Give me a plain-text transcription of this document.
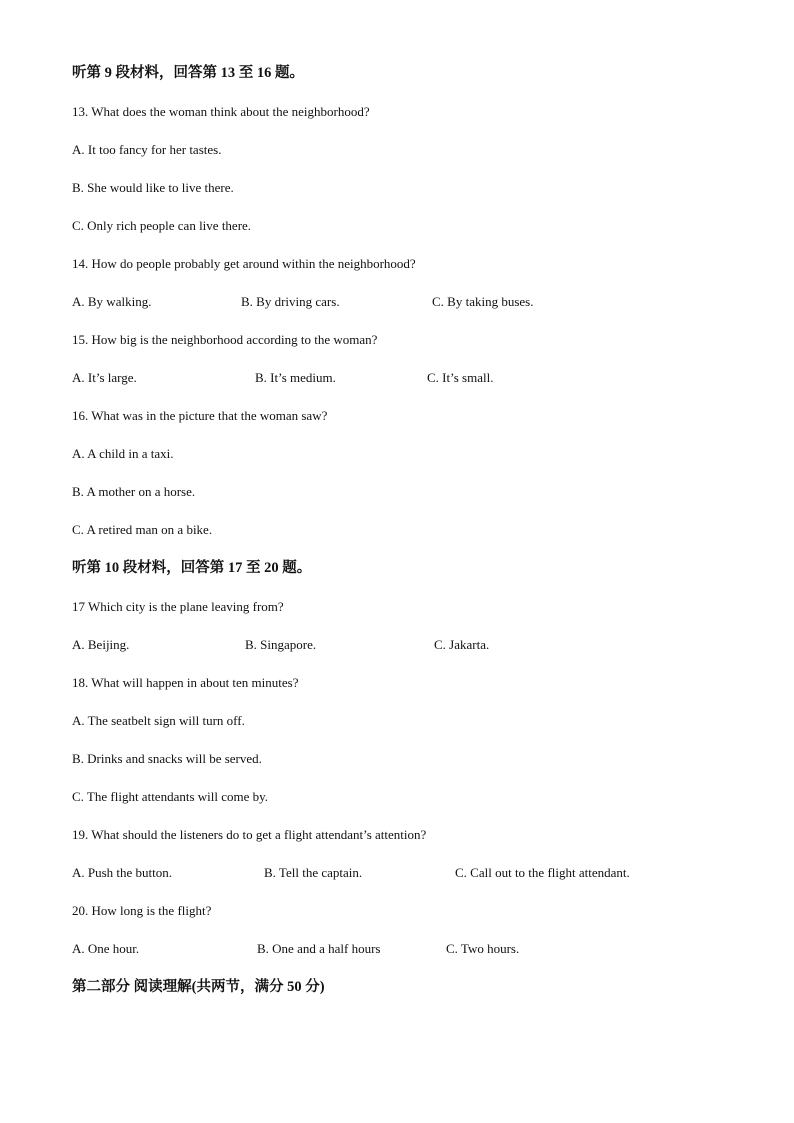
听第 9 段材料，回答第 13 至 16 题。
13. What does the woman think about the neighborhood?
A. It too fancy for her tastes.
B. She would like to live there.
C. Only rich people can live there.
14. How do people probably get around within the neighborhood?
A. By walking.	B. By driving cars.	C. By taking buses.
15. How big is the neighborhood according to the woman?
A. It’s large.	B. It’s medium.	C. It’s small.
16. What was in the picture that the woman saw?
A. A child in a taxi.
B. A mother on a horse.
C. A retired man on a bike.
听第 10 段材料，回答第 17 至 20 题。
17 Which city is the plane leaving from?
A. Beijing.	B. Singapore.	C. Jakarta.
18. What will happen in about ten minutes?
A. The seatbelt sign will turn off.
B. Drinks and snacks will be served.
C. The flight attendants will come by.
19. What should the listeners do to get a flight attendant’s attention?
A. Push the button.	B. Tell the captain.	C. Call out to the flight attendant.
20. How long is the flight?
A. One hour.	B. One and a half hours	C. Two hours.
第二部分 阅读理解(共两节，满分 50 分)
